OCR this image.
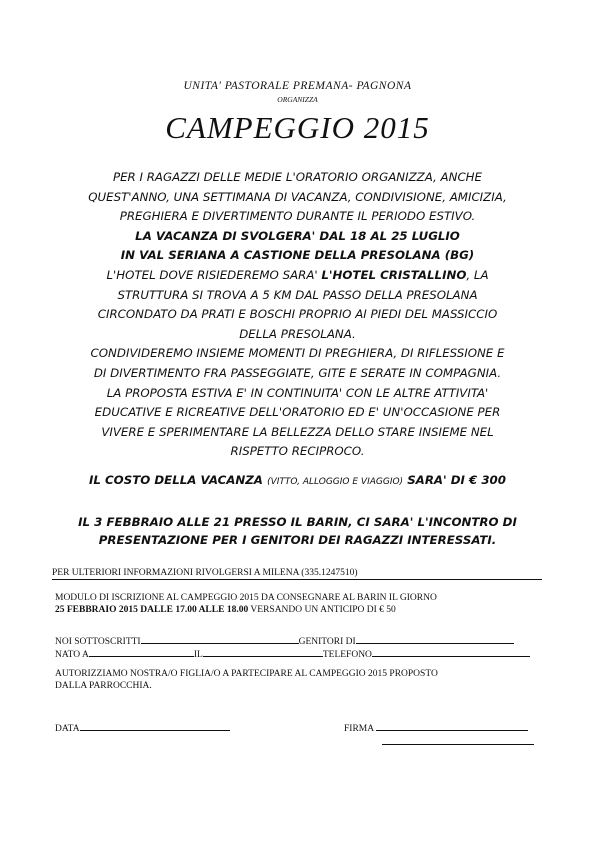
UNITA' PASTORALE PREMANA- PAGNONA
ORGANIZZA
CAMPEGGIO 2015
PER I RAGAZZI DELLE MEDIE L'ORATORIO ORGANIZZA, ANCHE
QUEST'ANNO, UNA SETTIMANA DI VACANZA, CONDIVISIONE, AMICIZIA,
PREGHIERA E DIVERTIMENTO DURANTE IL PERIODO ESTIVO.
LA VACANZA DI SVOLGERA' DAL 18 AL 25 LUGLIO
IN VAL SERIANA A CASTIONE DELLA PRESOLANA (BG)
L'HOTEL DOVE RISIEDEREMO SARA' L'HOTEL CRISTALLINO, LA
STRUTTURA SI TROVA A 5 KM DAL PASSO DELLA PRESOLANA
CIRCONDATO DA PRATI E BOSCHI PROPRIO AI PIEDI DEL MASSICCIO
DELLA PRESOLANA.
CONDIVIDEREMO INSIEME MOMENTI DI PREGHIERA, DI RIFLESSIONE E
DI DIVERTIMENTO FRA PASSEGGIATE, GITE E SERATE IN COMPAGNIA.
LA PROPOSTA ESTIVA E' IN CONTINUITA' CON LE ALTRE ATTIVITA'
EDUCATIVE E RICREATIVE DELL'ORATORIO ED E' UN'OCCASIONE PER
VIVERE E SPERIMENTARE LA BELLEZZA DELLO STARE INSIEME NEL
RISPETTO RECIPROCO.
IL COSTO DELLA VACANZA (VITTO, ALLOGGIO E VIAGGIO) SARA' DI € 300
IL 3 FEBBRAIO ALLE 21 PRESSO IL BARIN, CI SARA' L'INCONTRO DI
PRESENTAZIONE PER I GENITORI DEI RAGAZZI INTERESSATI.
PER ULTERIORI INFORMAZIONI RIVOLGERSI A MILENA (335.1247510)
MODULO DI ISCRIZIONE AL CAMPEGGIO 2015 DA CONSEGNARE AL BARIN IL GIORNO
25 FEBBRAIO 2015 DALLE 17.00 ALLE 18.00 VERSANDO UN ANTICIPO DI € 50
NOI SOTTOSCRITTI	GENITORI DI
NATO A	IL	TELEFONO
AUTORIZZIAMO NOSTRA/O FIGLIA/O A PARTECIPARE AL CAMPEGGIO 2015 PROPOSTO
DALLA PARROCCHIA.
DATA	FIRMA
